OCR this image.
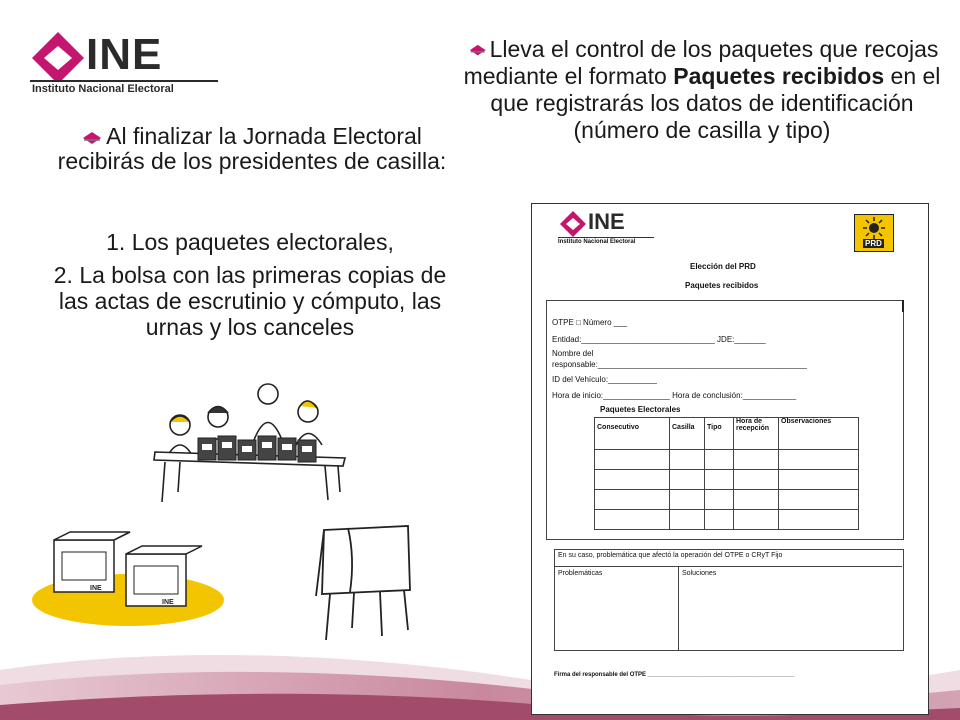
INE
Instituto Nacional Electoral
Lleva el control de los paquetes que recojas mediante el formato Paquetes recibidos en el que registrarás los datos de identificación (número de casilla y tipo)
Al finalizar la Jornada Electoral recibirás de los presidentes de casilla:
1. Los paquetes electorales,
2. La bolsa con las primeras copias de las actas de escrutinio y cómputo, las urnas y los canceles
INE
INE
INE
Instituto Nacional Electoral	PRD
Elección del PRD
Paquetes recibidos
OTPE □ Número ___
Entidad:______________________________ JDE:_______
Nombre del
responsable:_______________________________________________
ID del Vehículo:___________
Hora de inicio:_______________ Hora de conclusión:____________
Paquetes Electorales
Consecutivo	Casilla	Tipo	Hora de recepción	Observaciones

En su caso, problemática que afectó la operación del OTPE o CRyT Fijo
Problemáticas	Soluciones
Firma del responsable del OTPE ____________________________________________
